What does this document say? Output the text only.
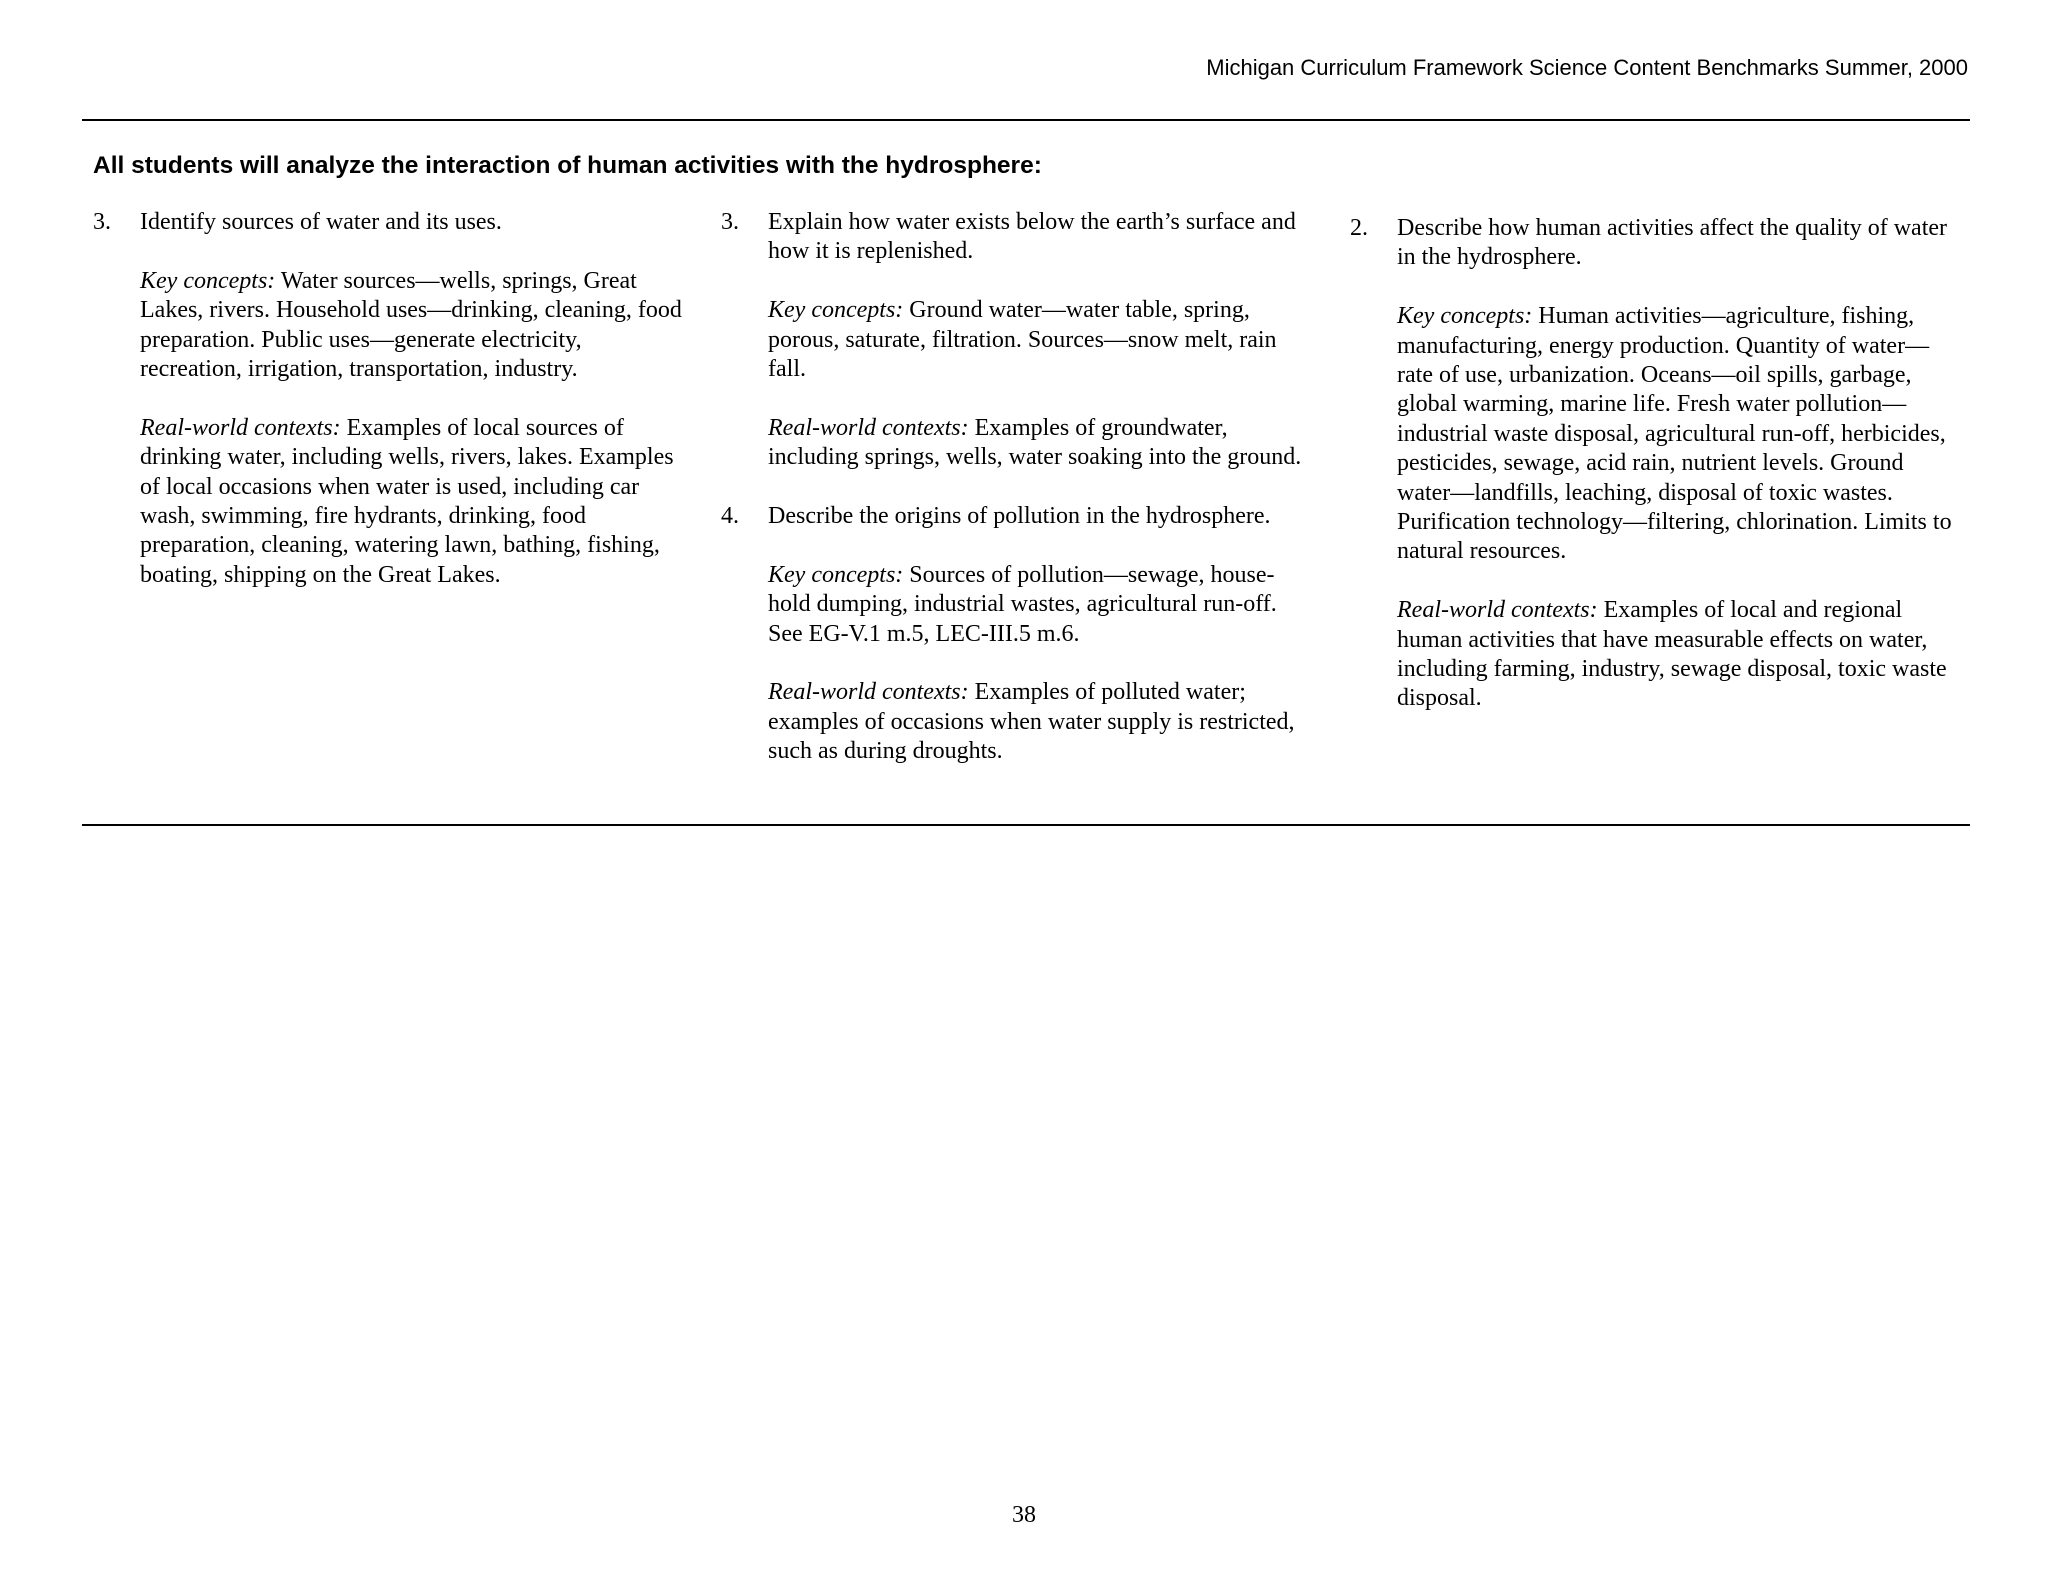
Michigan Curriculum Framework Science Content Benchmarks Summer, 2000
All students will analyze the interaction of human activities with the hydrosphere:
3. Identify sources of water and its uses.

Key concepts: Water sources—wells, springs, Great Lakes, rivers. Household uses—drinking, cleaning, food preparation. Public uses—generate electricity, recreation, irrigation, transportation, industry.

Real-world contexts: Examples of local sources of drinking water, including wells, rivers, lakes. Examples of local occasions when water is used, including car wash, swimming, fire hydrants, drinking, food preparation, cleaning, watering lawn, bathing, fishing, boating, shipping on the Great Lakes.

3. Explain how water exists below the earth’s surface and how it is replenished.

Key concepts: Ground water—water table, spring, porous, saturate, filtration. Sources—snow melt, rain fall.

Real-world contexts: Examples of groundwater, including springs, wells, water soaking into the ground.

4. Describe the origins of pollution in the hydrosphere.

Key concepts: Sources of pollution—sewage, house-hold dumping, industrial wastes, agricultural run-off. See EG-V.1 m.5, LEC-III.5 m.6.

Real-world contexts: Examples of polluted water; examples of occasions when water supply is restricted, such as during droughts.

2. Describe how human activities affect the quality of water in the hydrosphere.

Key concepts: Human activities—agriculture, fishing, manufacturing, energy production. Quantity of water—rate of use, urbanization. Oceans—oil spills, garbage, global warming, marine life. Fresh water pollution—industrial waste disposal, agricultural run-off, herbicides, pesticides, sewage, acid rain, nutrient levels. Ground water—landfills, leaching, disposal of toxic wastes. Purification technology—filtering, chlorination. Limits to natural resources.

Real-world contexts: Examples of local and regional human activities that have measurable effects on water, including farming, industry, sewage disposal, toxic waste disposal.

38
